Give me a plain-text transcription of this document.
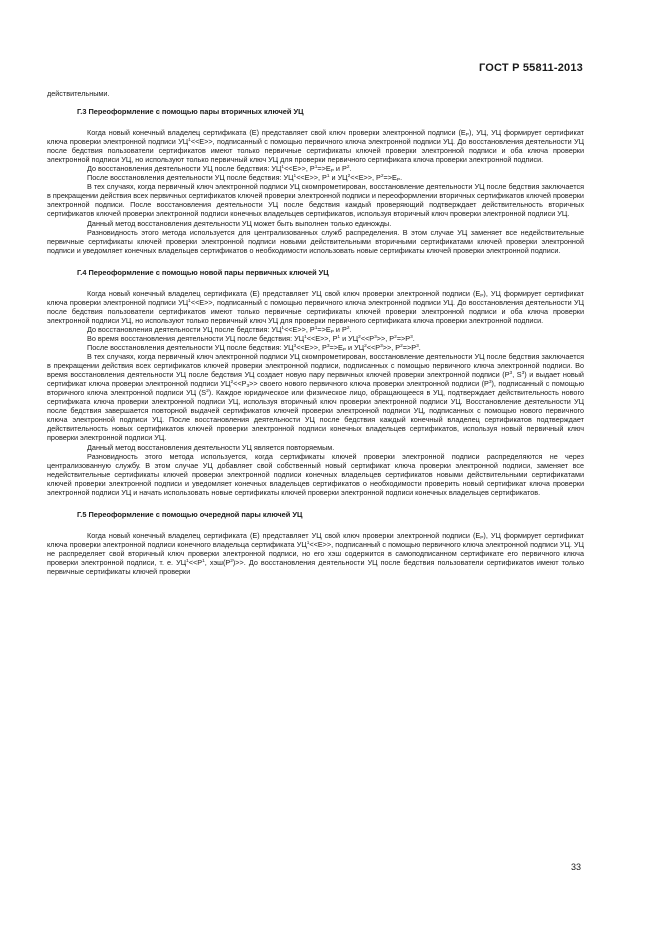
ГОСТ Р 55811-2013

действительными.

Г.3 Переоформление с помощью пары вторичных ключей УЦ

Когда новый конечный владелец сертификата (E) представляет свой ключ проверки электронной подписи $(E_P)$, УЦ, УЦ формирует сертификат ключа проверки электронной подписи $УЦ^1<<E>>$, подписанный с помощью первичного ключа электронной подписи УЦ. До восстановления деятельности УЦ после бедствия пользователи сертификатов имеют только первичные сертификаты ключей проверки электронной подписи и оба ключа проверки электронной подписи УЦ, но используют только первичный ключ УЦ для проверки первичного сертификата ключа проверки электронной подписи.

До восстановления деятельности УЦ после бедствия: $УЦ^1<<E>>$, $P^1=>E_P$ и $P^2$.

После восстановления деятельности УЦ после бедствия: $УЦ^1<<E>>$, $P^1$ и $УЦ^2<<E>>$, $P^2=>E_P$.

В тех случаях, когда первичный ключ электронной подписи УЦ скомпрометирован, восстановление деятельности УЦ после бедствия заключается в прекращении действия всех первичных сертификатов ключей проверки электронной подписи и переоформлении вторичных сертификатов ключей проверки электронной подписи. После восстановления деятельности УЦ после бедствия каждый проверяющий подтверждает действительность вторичных сертификатов ключей проверки электронной подписи конечных владельцев сертификатов, используя вторичный ключ проверки электронной подписи УЦ.

Данный метод восстановления деятельности УЦ может быть выполнен только единожды.

Разновидность этого метода используется для централизованных служб распределения. В этом случае УЦ заменяет все недействительные первичные сертификаты ключей проверки электронной подписи новыми действительными вторичными сертификатами ключей проверки электронной подписи и уведомляет конечных владельцев сертификатов о необходимости использовать новые сертификаты ключей проверки электронной подписи.

Г.4 Переоформление с помощью новой пары первичных ключей УЦ

Когда новый конечный владелец сертификата (E) представляет УЦ свой ключ проверки электронной подписи $(E_P)$, УЦ формирует сертификат ключа проверки электронной подписи $УЦ^1<<E>>$, подписанный с помощью первичного ключа электронной подписи УЦ. До восстановления деятельности УЦ после бедствия пользователи сертификатов имеют только первичные сертификаты ключей проверки электронной подписи и оба ключа проверки электронной подписи УЦ, но используют только первичный ключ УЦ для проверки первичного сертификата ключа проверки электронной подписи.

До восстановления деятельности УЦ после бедствия: $УЦ^1<<E>>$, $P^1=>E_P$ и $P^2$.

Во время восстановления деятельности УЦ после бедствия: $УЦ^1<<E>>$, $P^1$ и $УЦ^2<<P^3>>$, $P^2=>P^3$.

После восстановления деятельности УЦ после бедствия: $УЦ^3<<E>>$, $P^3=>E_P$ и $УЦ^2<<P^3>>$, $P^2=>P^3$.

В тех случаях, когда первичный ключ электронной подписи УЦ скомпрометирован, восстановление деятельности УЦ после бедствия заключается в прекращении действия всех сертификатов ключей проверки электронной подписи, подписанных с помощью первичного ключа электронной подписи. Во время восстановления деятельности УЦ после бедствия УЦ создает новую пару первичных ключей проверки электронной подписи ($P^3$, $S^3$) и выдает новый сертификат ключа проверки электронной подписи $УЦ^2<<P_3>>$ своего нового первичного ключа проверки электронной подписи $(P^3)$, подписанный с помощью вторичного ключа электронной подписи УЦ $(S^2)$. Каждое юридическое или физическое лицо, обращающееся в УЦ, подтверждает действительность нового сертификата ключа проверки электронной подписи УЦ, используя вторичный ключ проверки электронной подписи УЦ. Восстановление деятельности УЦ после бедствия завершается повторной выдачей сертификатов ключей проверки электронной подписи УЦ, подписанных с помощью нового первичного ключа электронной подписи УЦ. После восстановления деятельности УЦ после бедствия каждый конечный владелец сертификатов подтверждает действительность новых сертификатов ключей проверки электронной подписи конечных владельцев сертификатов, используя новый первичный ключ проверки электронной подписи УЦ.

Данный метод восстановления деятельности УЦ является повторяемым.

Разновидность этого метода используется, когда сертификаты ключей проверки электронной подписи распределяются не через централизованную службу. В этом случае УЦ добавляет свой собственный новый сертификат ключа проверки электронной подписи, заменяет все недействительные сертификаты ключей проверки электронной подписи конечных владельцев сертификатов новыми действительными сертификатами ключей проверки электронной подписи и уведомляет конечных владельцев сертификатов о необходимости проверить новый сертификат ключа проверки электронной подписи УЦ и начать использовать новые сертификаты ключей проверки электронной подписи конечных владельцев сертификатов.

Г.5 Переоформление с помощью очередной пары ключей УЦ

Когда новый конечный владелец сертификата (E) представляет УЦ свой ключ проверки электронной подписи $(E_P)$, УЦ формирует сертификат ключа проверки электронной подписи конечного владельца сертификата $УЦ^1<<E>>$, подписанный с помощью первичного ключа электронной подписи УЦ. УЦ не распределяет свой вторичный ключ проверки электронной подписи, но его хэш содержится в самоподписанном сертификате его первичного ключа проверки электронной подписи, т. е. $УЦ^1<<P^1$, $хэш(P^2)>>$. До восстановления деятельности УЦ после бедствия пользователи сертификатов имеют только первичные сертификаты ключей проверки

33
